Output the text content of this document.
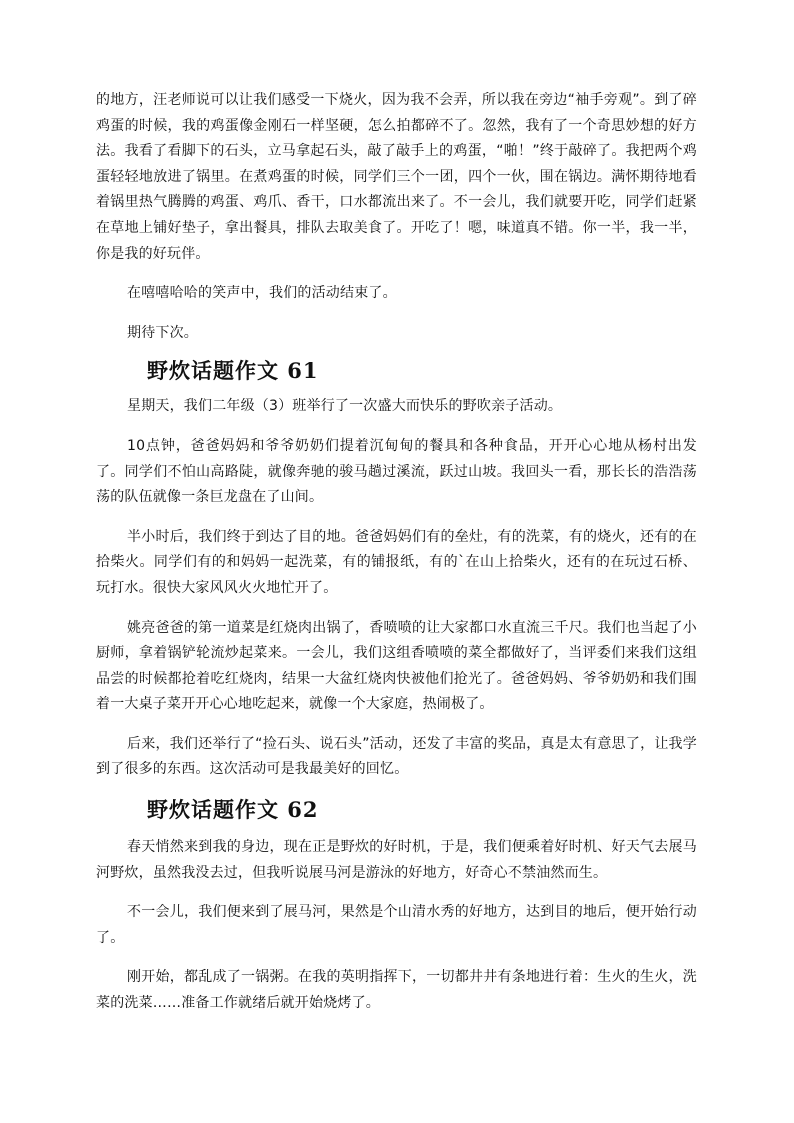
的地方，汪老师说可以让我们感受一下烧火，因为我不会弄，所以我在旁边“袖手旁观”。到了碎鸡蛋的时候，我的鸡蛋像金刚石一样坚硬，怎么拍都碎不了。忽然，我有了一个奇思妙想的好方法。我看了看脚下的石头，立马拿起石头，敲了敲手上的鸡蛋，“啪！”终于敲碎了。我把两个鸡蛋轻轻地放进了锅里。在煮鸡蛋的时候，同学们三个一团，四个一伙，围在锅边。满怀期待地看着锅里热气腾腾的鸡蛋、鸡爪、香干，口水都流出来了。不一会儿，我们就要开吃，同学们赶紧在草地上铺好垫子，拿出餐具，排队去取美食了。开吃了！嗯，味道真不错。你一半，我一半，你是我的好玩伴。

在嘻嘻哈哈的笑声中，我们的活动结束了。

期待下次。

野炊话题作文 61

星期天，我们二年级（3）班举行了一次盛大而快乐的野吹亲子活动。

10点钟，爸爸妈妈和爷爷奶奶们提着沉甸甸的餐具和各种食品，开开心心地从杨村出发了。同学们不怕山高路陡，就像奔驰的骏马趟过溪流，跃过山坡。我回头一看，那长长的浩浩荡荡的队伍就像一条巨龙盘在了山间。

半小时后，我们终于到达了目的地。爸爸妈妈们有的垒灶，有的洗菜，有的烧火，还有的在拾柴火。同学们有的和妈妈一起洗菜，有的铺报纸，有的`在山上拾柴火，还有的在玩过石桥、玩打水。很快大家风风火火地忙开了。

姚亮爸爸的第一道菜是红烧肉出锅了，香喷喷的让大家都口水直流三千尺。我们也当起了小厨师，拿着锅铲轮流炒起菜来。一会儿，我们这组香喷喷的菜全都做好了，当评委们来我们这组品尝的时候都抢着吃红烧肉，结果一大盆红烧肉快被他们抢光了。爸爸妈妈、爷爷奶奶和我们围着一大桌子菜开开心心地吃起来，就像一个大家庭，热闹极了。

后来，我们还举行了“捡石头、说石头”活动，还发了丰富的奖品，真是太有意思了，让我学到了很多的东西。这次活动可是我最美好的回忆。

野炊话题作文 62

春天悄然来到我的身边，现在正是野炊的好时机，于是，我们便乘着好时机、好天气去展马河野炊，虽然我没去过，但我听说展马河是游泳的好地方，好奇心不禁油然而生。

不一会儿，我们便来到了展马河，果然是个山清水秀的好地方，达到目的地后，便开始行动了。

刚开始，都乱成了一锅粥。在我的英明指挥下，一切都井井有条地进行着：生火的生火，洗菜的洗菜……准备工作就绪后就开始烧烤了。
